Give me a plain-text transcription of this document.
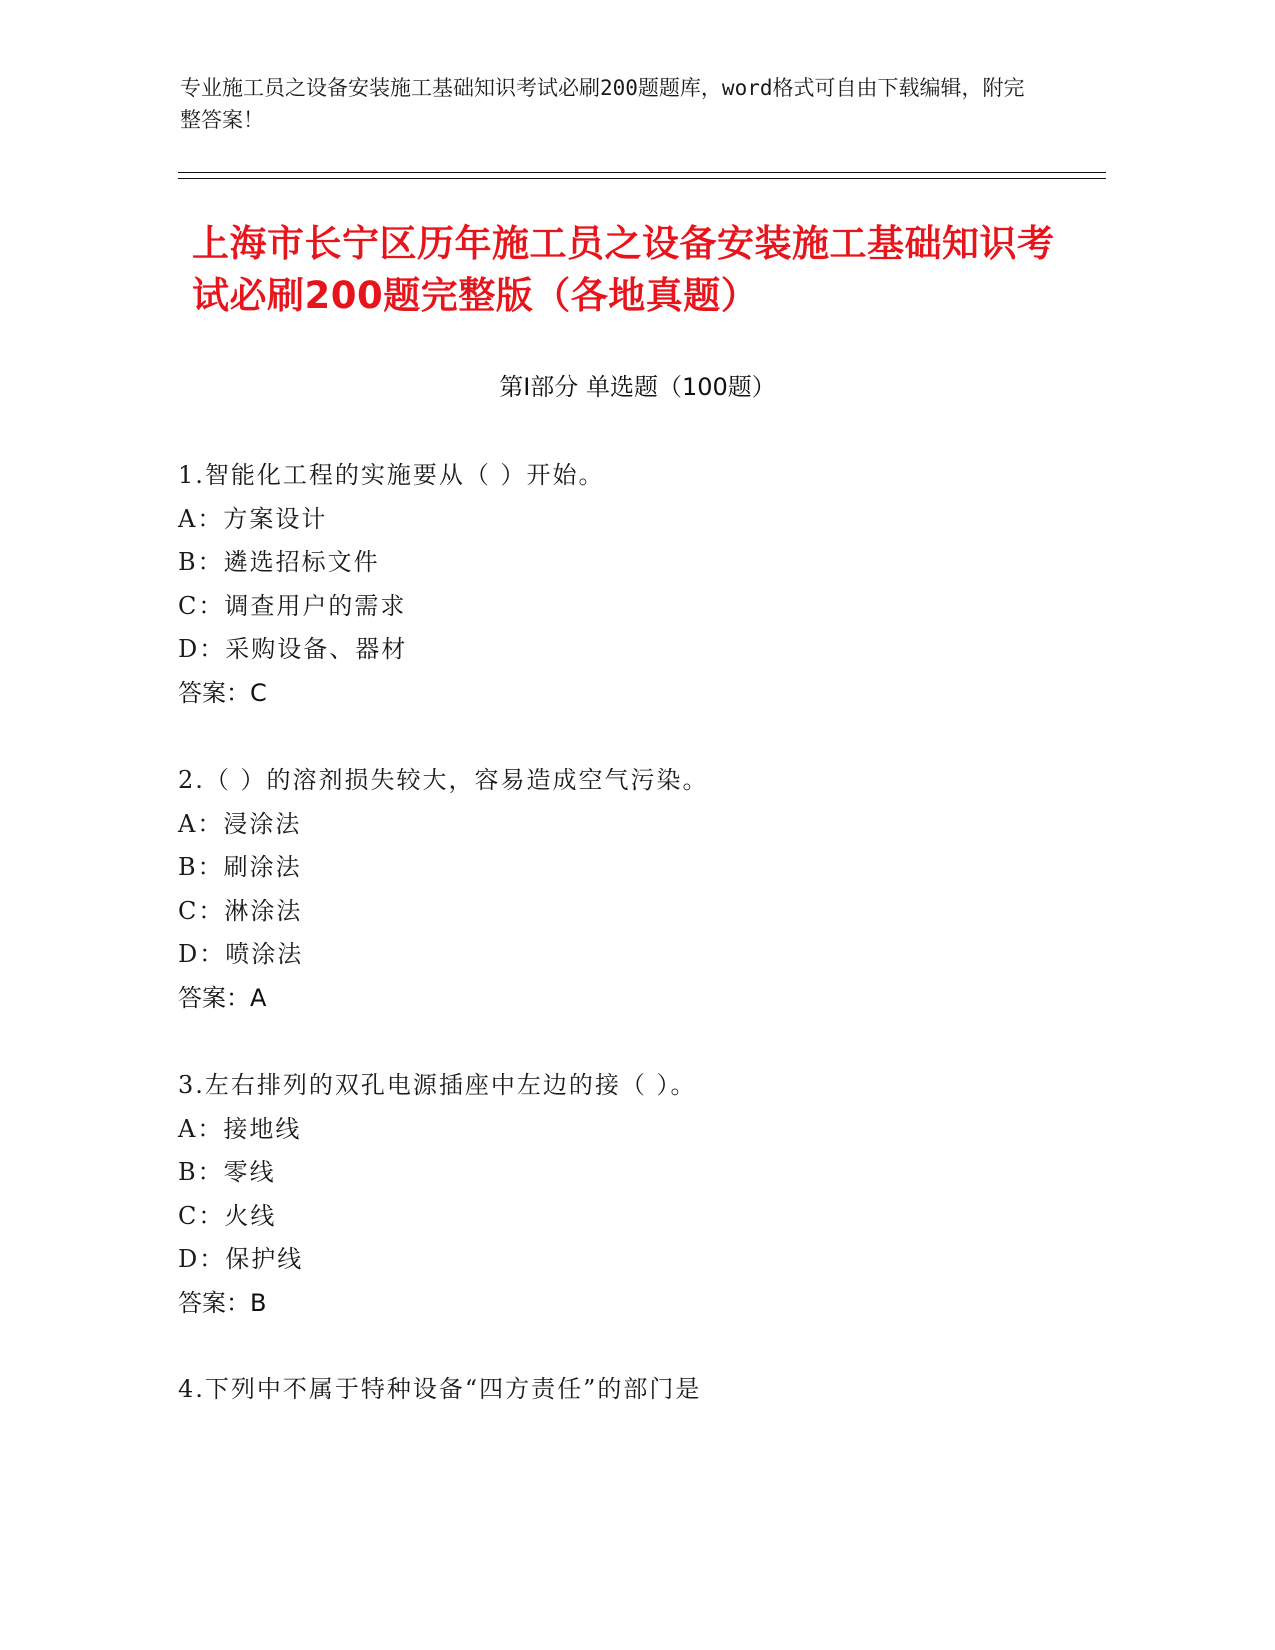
专业施工员之设备安装施工基础知识考试必刷200题题库，word格式可自由下载编辑，附完整答案！
上海市长宁区历年施工员之设备安装施工基础知识考试必刷200题完整版（各地真题）
第Ⅰ部分 单选题（100题）
1.智能化工程的实施要从（ ）开始。
A：方案设计
B：遴选招标文件
C：调查用户的需求
D：采购设备、器材
答案：C
2.（ ）的溶剂损失较大，容易造成空气污染。
A：浸涂法
B：刷涂法
C：淋涂法
D：喷涂法
答案：A
3.左右排列的双孔电源插座中左边的接（ ）。
A：接地线
B：零线
C：火线
D：保护线
答案：B
4.下列中不属于特种设备“四方责任”的部门是
